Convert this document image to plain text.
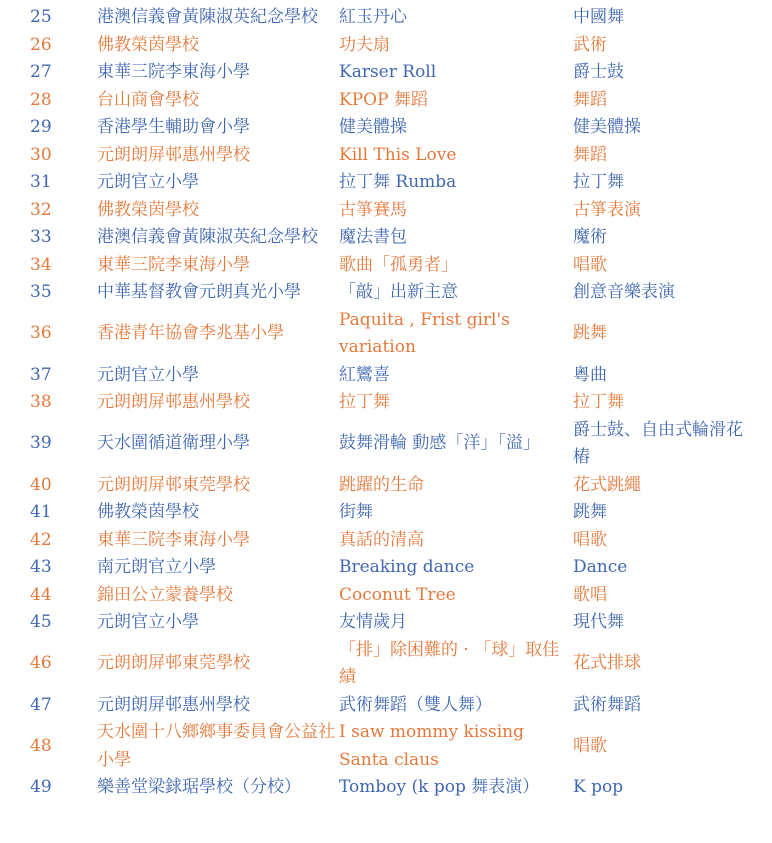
25	港澳信義會黃陳淑英紀念學校	紅玉丹心	中國舞
26	佛教榮茵學校	功夫扇	武術
27	東華三院李東海小學	Karser Roll	爵士鼓
28	台山商會學校	KPOP 舞蹈	舞蹈
29	香港學生輔助會小學	健美體操	健美體操
30	元朗朗屏邨惠州學校	Kill This Love	舞蹈
31	元朗官立小學	拉丁舞 Rumba	拉丁舞
32	佛教榮茵學校	古箏賽馬	古箏表演
33	港澳信義會黃陳淑英紀念學校	魔法書包	魔術
34	東華三院李東海小學	歌曲「孤勇者」	唱歌
35	中華基督教會元朗真光小學	「敲」出新主意	創意音樂表演
36	香港青年協會李兆基小學	Paquita , Frist girl's variation	跳舞
37	元朗官立小學	紅鸞喜	粵曲
38	元朗朗屏邨惠州學校	拉丁舞	拉丁舞
39	天水圍循道衛理小學	鼓舞滑輪 動感「洋」「溢」	爵士鼓、自由式輪滑花樁
40	元朗朗屏邨東莞學校	跳躍的生命	花式跳繩
41	佛教榮茵學校	街舞	跳舞
42	東華三院李東海小學	真話的清高	唱歌
43	南元朗官立小學	Breaking dance	Dance
44	錦田公立蒙養學校	Coconut Tree	歌唱
45	元朗官立小學	友情歲月	現代舞
46	元朗朗屏邨東莞學校	「排」除困難的 · 「球」取佳績	花式排球
47	元朗朗屏邨惠州學校	武術舞蹈（雙人舞）	武術舞蹈
48	天水圍十八鄉鄉事委員會公益社小學	I saw mommy kissing Santa claus	唱歌
49	樂善堂梁銶琚學校（分校）	Tomboy (k pop 舞表演）	K pop
